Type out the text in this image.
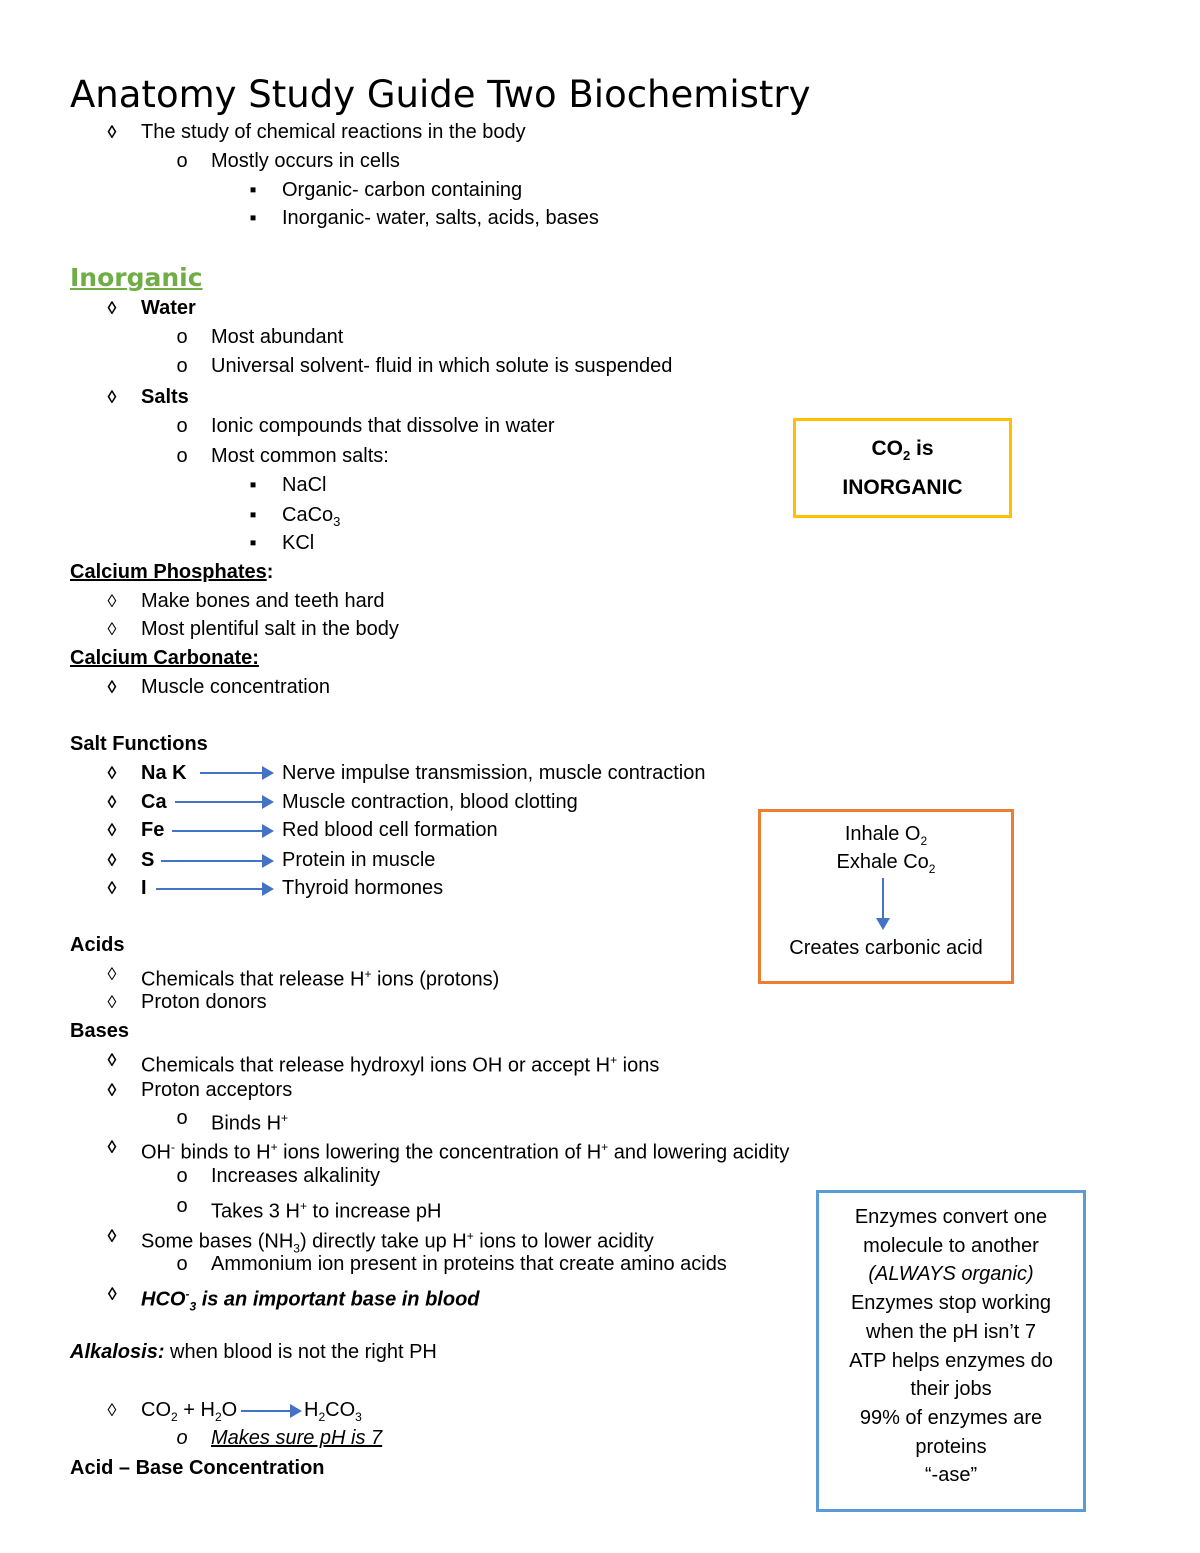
Anatomy Study Guide Two Biochemistry
◊ The study of chemical reactions in the body
o Mostly occurs in cells
▪	Organic- carbon containing
▪	Inorganic- water, salts, acids, bases
Inorganic
◊ Water
o Most abundant
o Universal solvent- fluid in which solute is suspended
◊ Salts
o Ionic compounds that dissolve in water
o Most common salts:
▪	NaCl
▪	CaCo$_3$
▪	KCl
Calcium Phosphates:
◊ Make bones and teeth hard
◊ Most plentiful salt in the body
Calcium Carbonate:
◊ Muscle concentration
Salt Functions
◊ Na K	Nerve impulse transmission, muscle contraction
◊ Ca	Muscle contraction, blood clotting
◊ Fe	Red blood cell formation
◊ S	Protein in muscle
◊ I	Thyroid hormones
Acids
◊ Chemicals that release H+ ions (protons)
◊ Proton donors
Bases
◊ Chemicals that release hydroxyl ions OH or accept H+ ions
◊ Proton acceptors
o Binds H+
◊ OH- binds to H+ ions lowering the concentration of H+ and lowering acidity
o Increases alkalinity
o Takes 3 H+ to increase pH
◊ Some bases $(NH_3)$ directly take up H+ ions to lower acidity
o Ammonium ion present in proteins that create amino acids
◊ $HCO^-_3$ is an important base in blood
Alkalosis: when blood is not the right PH
◊ $CO_2 + H_2O$	$H_2CO_3$
o Makes sure pH is 7
Acid – Base Concentration
$CO_2$ is
INORGANIC
Inhale $O_2$
Exhale $Co_2$
Creates carbonic acid
Enzymes convert one
molecule to another
(ALWAYS organic)
Enzymes stop working
when the pH isn’t 7
ATP helps enzymes do
their jobs
99% of enzymes are
proteins
“-ase”
